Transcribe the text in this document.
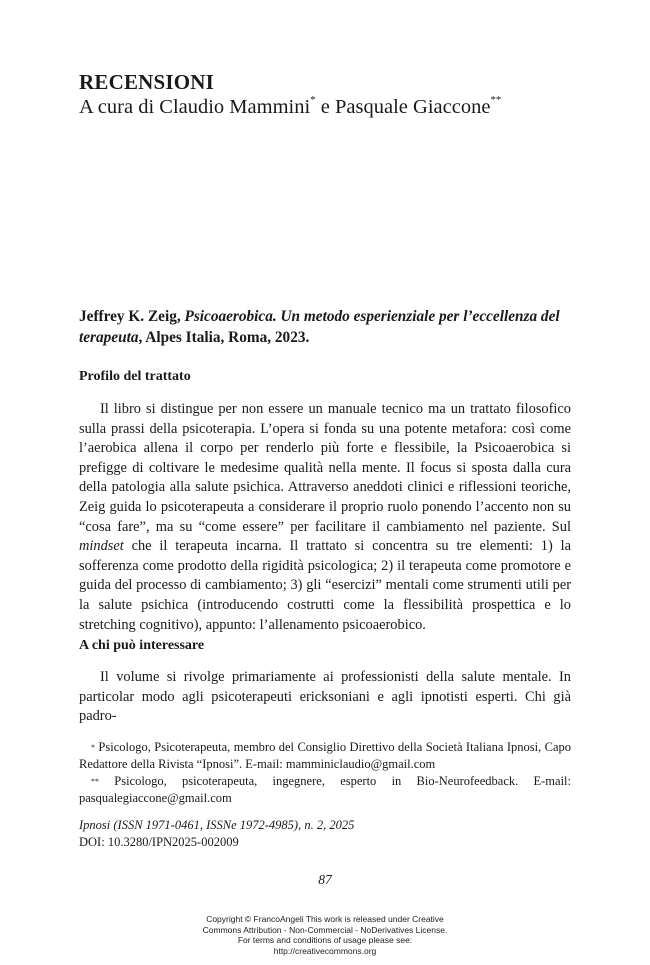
RECENSIONI
A cura di Claudio Mammini* e Pasquale Giaccone**
Jeffrey K. Zeig, Psicoaerobica. Un metodo esperienziale per l’eccellenza del terapeuta, Alpes Italia, Roma, 2023.
Profilo del trattato

Il libro si distingue per non essere un manuale tecnico ma un trattato filosofico sulla prassi della psicoterapia. L’opera si fonda su una potente metafora: così come l’aerobica allena il corpo per renderlo più forte e flessibile, la Psicoaerobica si prefigge di coltivare le medesime qualità nella mente. Il focus si sposta dalla cura della patologia alla salute psichica. Attraverso aneddoti clinici e riflessioni teoriche, Zeig guida lo psicoterapeuta a considerare il proprio ruolo ponendo l’accento non su “cosa fare”, ma su “come essere” per facilitare il cambiamento nel paziente. Sul mindset che il terapeuta incarna. Il trattato si concentra su tre elementi: 1) la sofferenza come prodotto della rigidità psicologica; 2) il terapeuta come promotore e guida del processo di cambiamento; 3) gli “esercizi” mentali come strumenti utili per la salute psichica (introducendo costrutti come la flessibilità prospettica e lo stretching cognitivo), appunto: l’allenamento psicoaerobico.

A chi può interessare

Il volume si rivolge primariamente ai professionisti della salute mentale. In particolar modo agli psicoterapeuti ericksoniani e agli ipnotisti esperti. Chi già padro-

* Psicologo, Psicoterapeuta, membro del Consiglio Direttivo della Società Italiana Ipnosi, Capo Redattore della Rivista “Ipnosi”. E-mail: mamminiclaudio@gmail.com

** Psicologo, psicoterapeuta, ingegnere, esperto in Bio-Neurofeedback. E-mail: pasqualegiaccone@gmail.com

Ipnosi (ISSN 1971-0461, ISSNe 1972-4985), n. 2, 2025
DOI: 10.3280/IPN2025-002009
87
Copyright © FrancoAngeli This work is released under Creative
Commons Attribution - Non-Commercial - NoDerivatives License.
For terms and conditions of usage please see:
http://creativecommons.org
